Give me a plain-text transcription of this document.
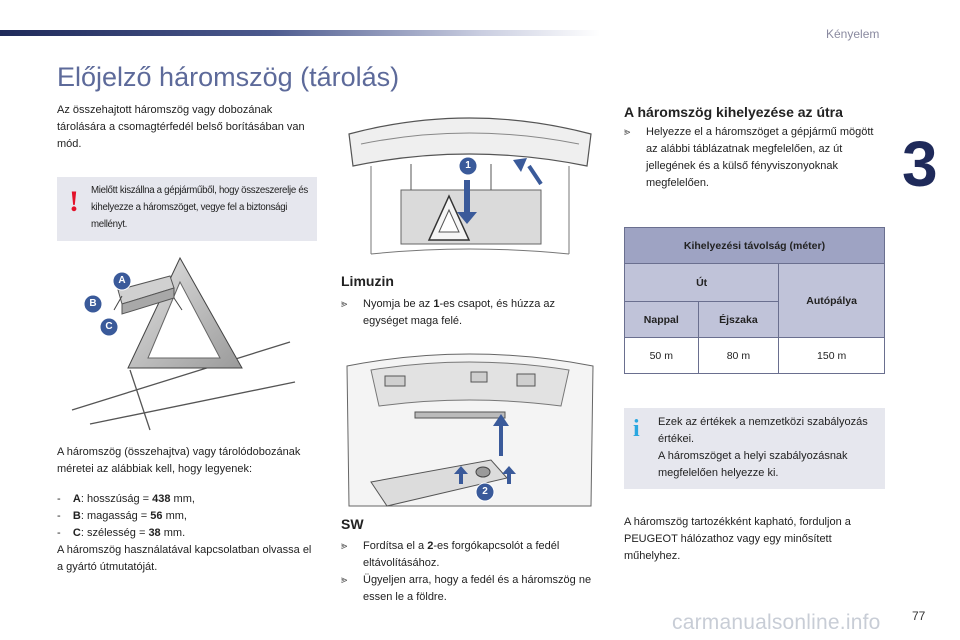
Kényelem
3
Előjelző háromszög (tárolás)

Az összehajtott háromszög vagy dobozának tárolására a csomagtérfedél belső borításában van mód.

! Mielőtt kiszállna a gépjárműből, hogy összeszerelje és kihelyezze a háromszöget, vegye fel a biztonsági mellényt.

A
B
C

A háromszög (összehajtva) vagy tárolódobozának méretei az alábbiak kell, hogy legyenek:

- A: hosszúság = 438 mm,

- B: magasság = 56 mm,

- C: szélesség = 38 mm.

A háromszög használatával kapcsolatban olvassa el a gyártó útmutatóját.

1
Limuzin

⪢ Nyomja be az 1-es csapot, és húzza az egységet maga felé.

2
SW

⪢ Fordítsa el a 2-es forgókapcsolót a fedél eltávolításához.

⪢ Ügyeljen arra, hogy a fedél és a háromszög ne essen le a földre.

A háromszög kihelyezése az útra

⪢ Helyezze el a háromszöget a gépjármű mögött az alábbi táblázatnak megfelelően, az út jellegének és a külső fényviszonyoknak megfelelően.

Kihelyezési távolság (méter)		
Út		Autópálya
Nappal	Éjszaka	
50 m	80 m	150 m
i Ezek az értékek a nemzetközi szabályozás értékei.

A háromszöget a helyi szabályozásnak megfelelően helyezze ki.

A háromszög tartozékként kapható, forduljon a PEUGEOT hálózathoz vagy egy minősített műhelyhez.

carmanualsonline.info	77
